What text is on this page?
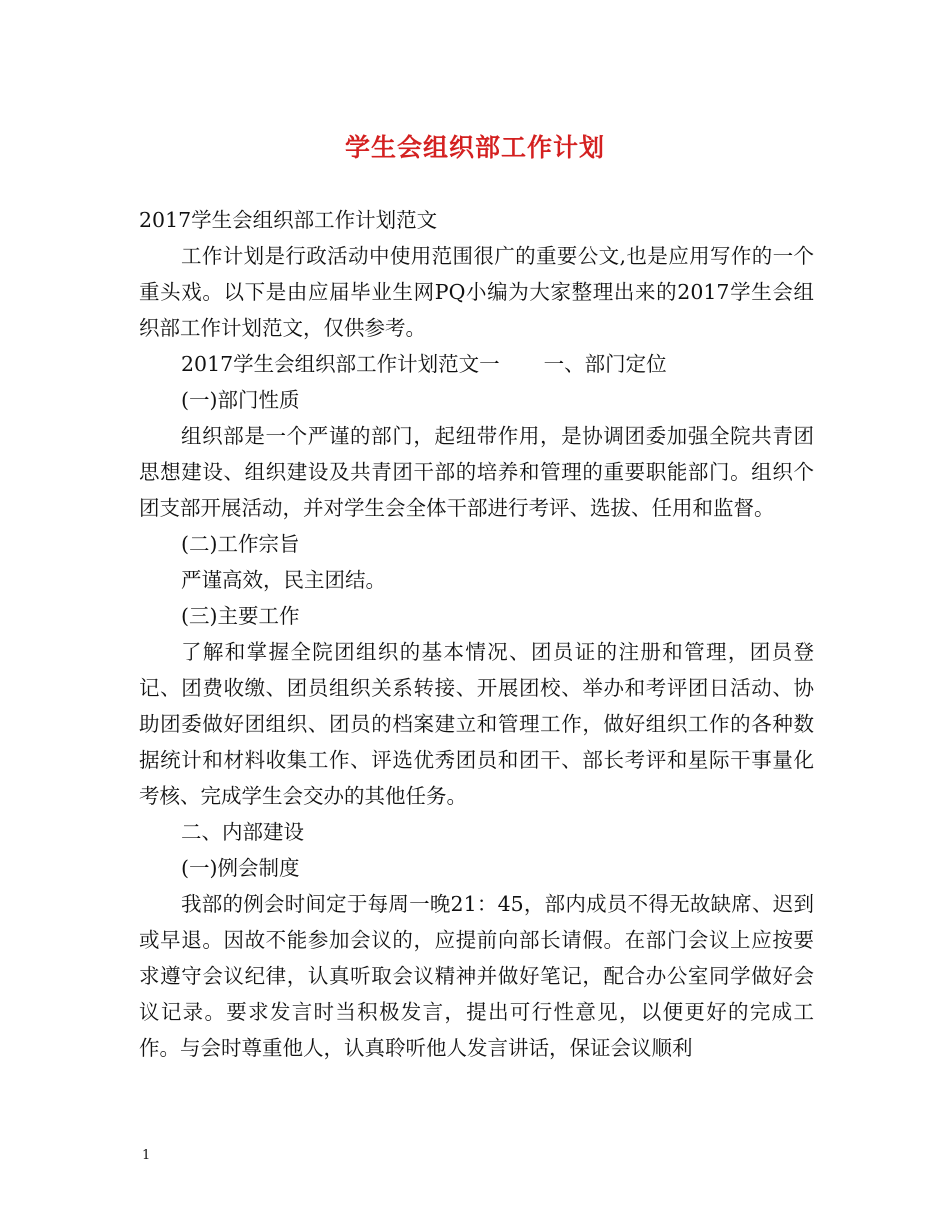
学生会组织部工作计划

2017学生会组织部工作计划范文

工作计划是行政活动中使用范围很广的重要公文,也是应用写作的一个重头戏。以下是由应届毕业生网PQ小编为大家整理出来的2017学生会组织部工作计划范文，仅供参考。

2017学生会组织部工作计划范文一 一、部门定位

(一)部门性质

组织部是一个严谨的部门，起纽带作用，是协调团委加强全院共青团思想建设、组织建设及共青团干部的培养和管理的重要职能部门。组织个团支部开展活动，并对学生会全体干部进行考评、选拔、任用和监督。

(二)工作宗旨

严谨高效，民主团结。

(三)主要工作

了解和掌握全院团组织的基本情况、团员证的注册和管理，团员登记、团费收缴、团员组织关系转接、开展团校、举办和考评团日活动、协助团委做好团组织、团员的档案建立和管理工作，做好组织工作的各种数据统计和材料收集工作、评选优秀团员和团干、部长考评和星际干事量化考核、完成学生会交办的其他任务。

二、内部建设

(一)例会制度

我部的例会时间定于每周一晚21：45，部内成员不得无故缺席、迟到或早退。因故不能参加会议的，应提前向部长请假。在部门会议上应按要求遵守会议纪律，认真听取会议精神并做好笔记，配合办公室同学做好会议记录。要求发言时当积极发言，提出可行性意见，以便更好的完成工作。与会时尊重他人，认真聆听他人发言讲话，保证会议顺利

1
